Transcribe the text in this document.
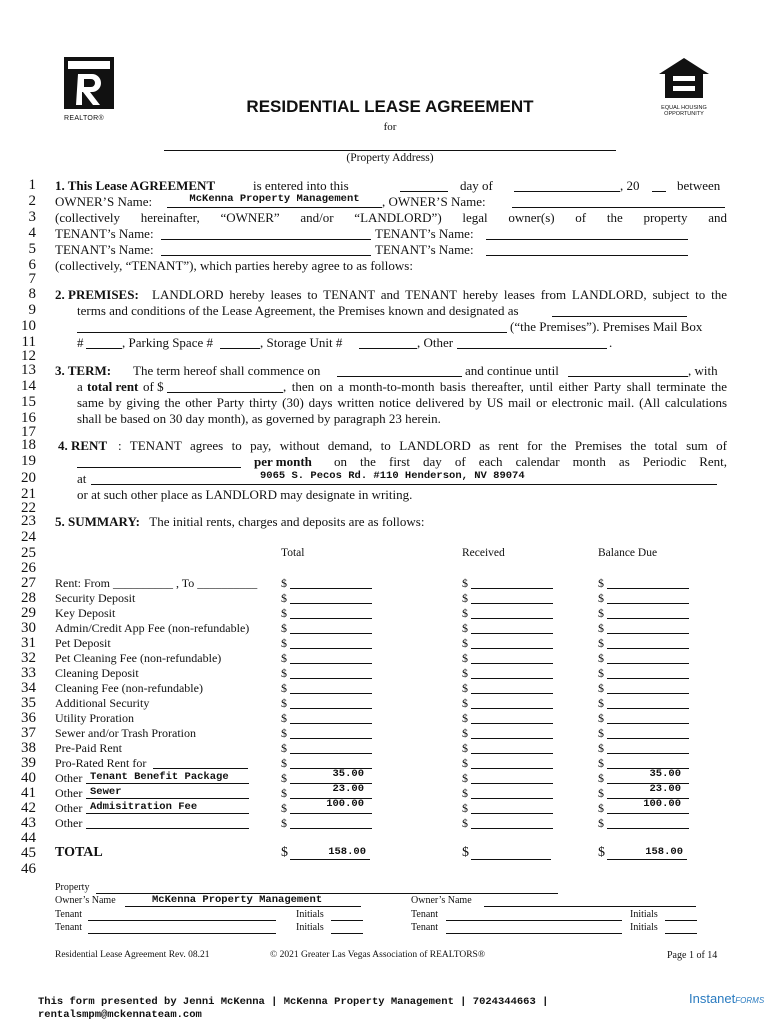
REALTOR®
EQUAL HOUSING OPPORTUNITY
RESIDENTIAL LEASE AGREEMENT
for
(Property Address)
1
2
3
4
5
6
7
8
9
10
11
12
13
14
15
16
17
18
19
20
21
22
23
24
25
26
27
28
29
30
31
32
33
34
35
36
37
38
39
40
41
42
43
44
45
46
1. This Lease AGREEMENT	is entered into this	day of	, 20	between
OWNER’S Name:	McKenna Property Management	, OWNER’S Name:
(collectively hereinafter, “OWNER” and/or “LANDLORD”) legal owner(s) of the property and
TENANT’s Name:	TENANT’s Name:
TENANT’s Name:	TENANT’s Name:
(collectively, “TENANT”), which parties hereby agree to as follows:
2. PREMISES: LANDLORD hereby leases to TENANT and TENANT hereby leases from LANDLORD, subject to the
terms and conditions of the Lease Agreement, the Premises known and designated as
(“the Premises”). Premises Mail Box
#	, Parking Space #	, Storage Unit #	, Other	.
3. TERM: The term hereof shall commence on	and continue until	, with
a total rent of $	, then on a month-to-month basis thereafter, until either Party shall terminate the
same by giving the other Party thirty (30) days written notice delivered by US mail or electronic mail. (All calculations
shall be based on 30 day month), as governed by paragraph 23 herein.
4. RENT : TENANT agrees to pay, without demand, to LANDLORD as rent for the Premises the total sum of
per month on the first day of each calendar month as Periodic Rent,
at	9065 S. Pecos Rd. #110 Henderson, NV 89074
or at such other place as LANDLORD may designate in writing.
5. SUMMARY: The initial rents, charges and deposits are as follows:
Total	Received	Balance Due
Rent: From __________ , To __________ $	$	$
Security Deposit	$	$	$
Key Deposit	$	$	$
Admin/Credit App Fee (non-refundable)	$	$	$
Pet Deposit	$	$	$
Pet Cleaning Fee (non-refundable)	$	$	$
Cleaning Deposit	$	$	$
Cleaning Fee (non-refundable)	$	$	$
Additional Security	$	$	$
Utility Proration	$	$	$
Sewer and/or Trash Proration	$	$	$
Pre-Paid Rent	$	$	$
Pro-Rated Rent for	$	$	$
Other Tenant Benefit Package	$	35.00	$	$	35.00
Other Sewer	$	23.00	$	$	23.00
Other Admisitration Fee	$	100.00	$	$	100.00
Other	$	$	$
TOTAL	$	158.00	$	$	158.00
Property
Owner’s Name	McKenna Property Management	Owner’s Name
Tenant	Initials	Tenant	Initials
Tenant	Initials	Tenant	Initials
Residential Lease Agreement Rev. 08.21	© 2021 Greater Las Vegas Association of REALTORS®	Page 1 of 14
This form presented by Jenni McKenna | McKenna Property Management | 7024344663 |
rentalsmpm@mckennateam.com
InstanetFORMS
